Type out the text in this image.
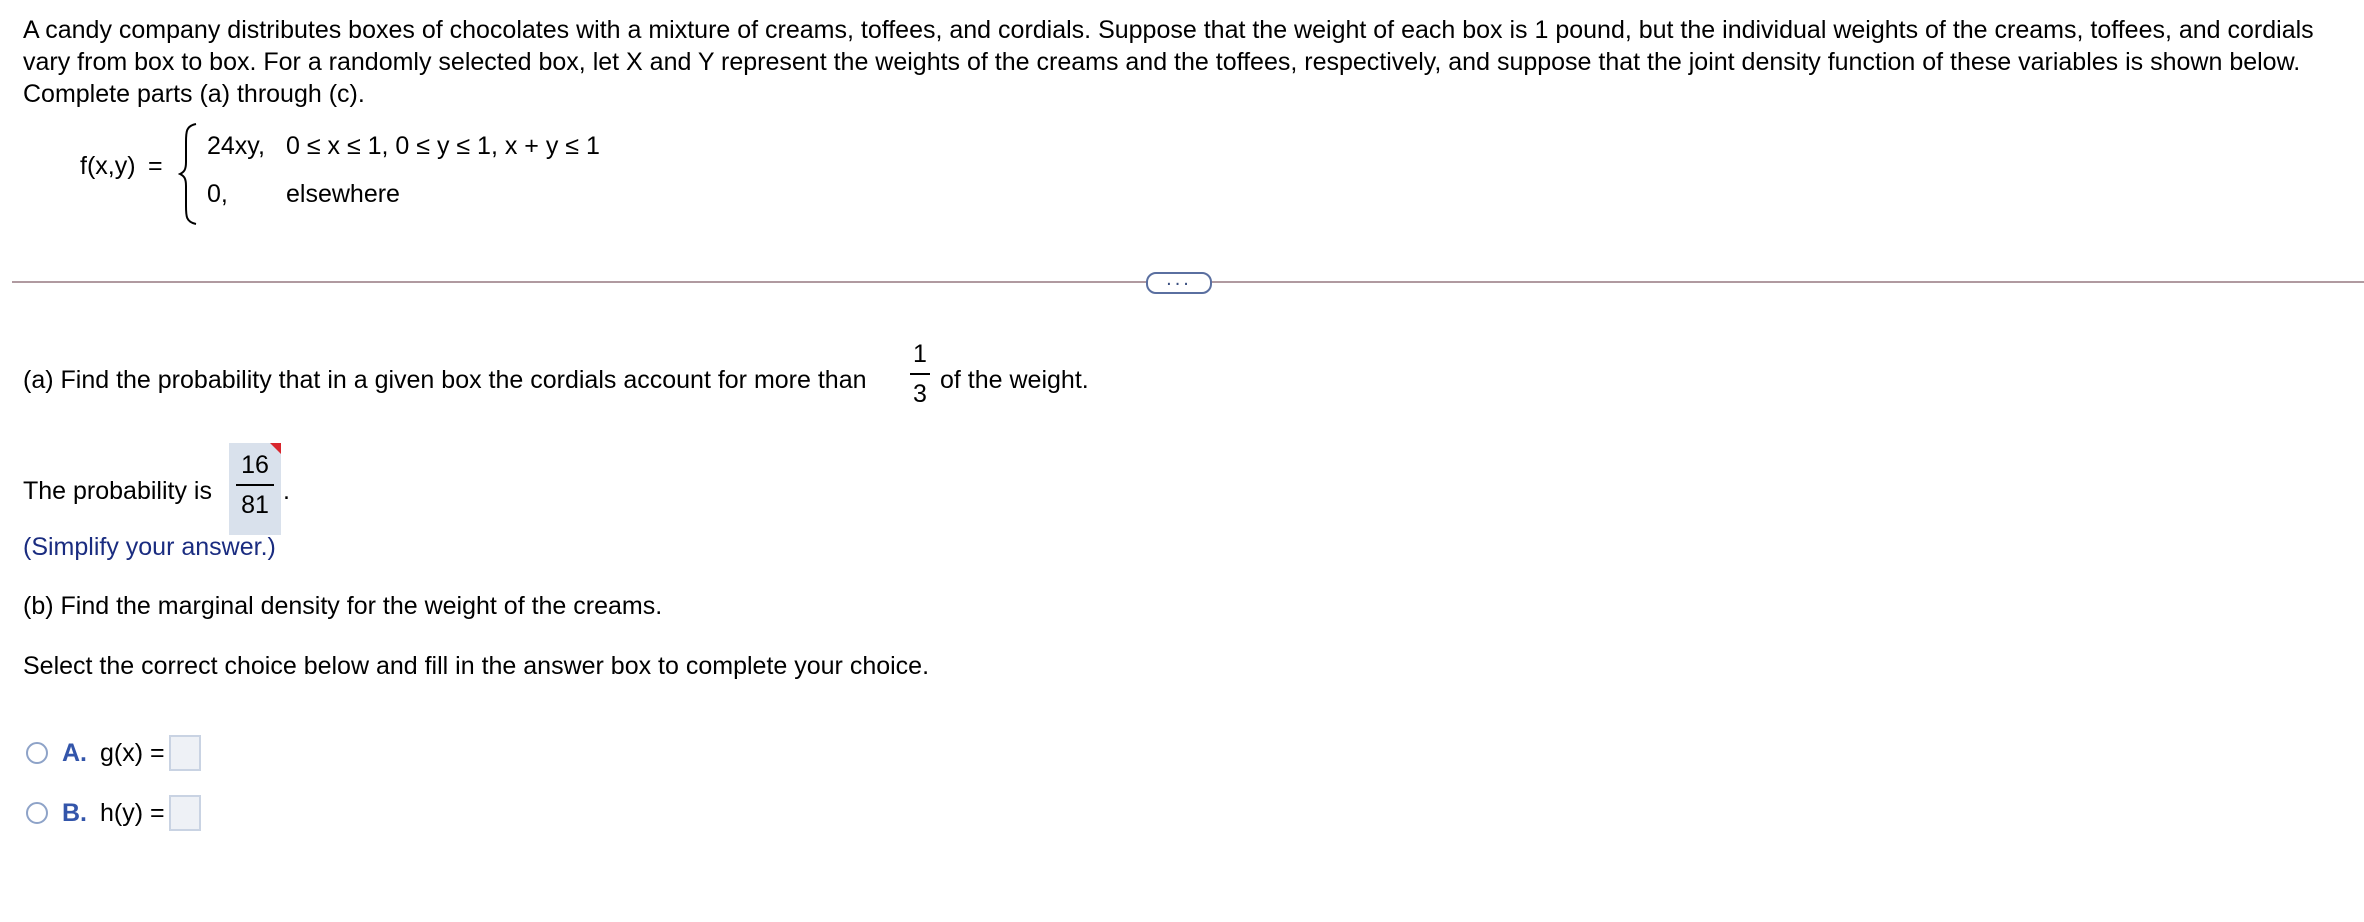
A candy company distributes boxes of chocolates with a mixture of creams, toffees, and cordials. Suppose that the weight of each box is 1 pound, but the individual weights of the creams, toffees, and cordials vary from box to box. For a randomly selected box, let X and Y represent the weights of the creams and the toffees, respectively, and suppose that the joint density function of these variables is shown below. Complete parts (a) through (c).
f(x,y) =
24xy, 0 ≤ x ≤ 1, 0 ≤ y ≤ 1, x + y ≤ 1
0, elsewhere
...
(a) Find the probability that in a given box the cordials account for more than
1
3 of the weight.
The probability is
16
81 .
(Simplify your answer.)
(b) Find the marginal density for the weight of the creams.
Select the correct choice below and fill in the answer box to complete your choice.
A. g(x) =
B. h(y) =
